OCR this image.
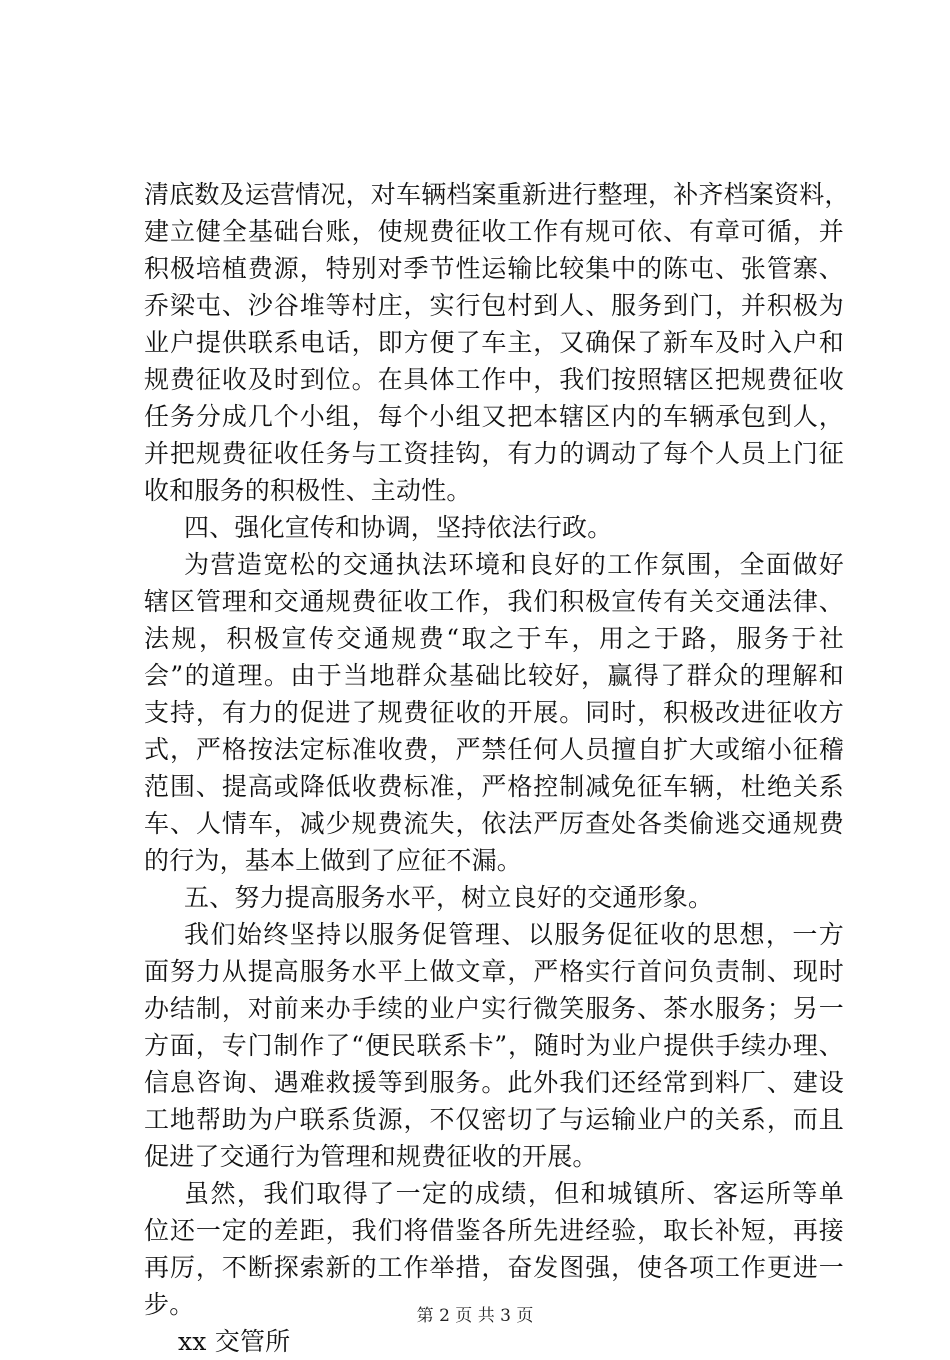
清底数及运营情况，对车辆档案重新进行整理，补齐档案资料，
建立健全基础台账，使规费征收工作有规可依、有章可循，并
积极培植费源，特别对季节性运输比较集中的陈屯、张管寨、
乔梁屯、沙谷堆等村庄，实行包村到人、服务到门，并积极为
业户提供联系电话，即方便了车主，又确保了新车及时入户和
规费征收及时到位。在具体工作中，我们按照辖区把规费征收
任务分成几个小组，每个小组又把本辖区内的车辆承包到人，
并把规费征收任务与工资挂钩，有力的调动了每个人员上门征
收和服务的积极性、主动性。
四、强化宣传和协调，坚持依法行政。
为营造宽松的交通执法环境和良好的工作氛围，全面做好
辖区管理和交通规费征收工作，我们积极宣传有关交通法律、
法规，积极宣传交通规费“取之于车，用之于路，服务于社
会”的道理。由于当地群众基础比较好，赢得了群众的理解和
支持，有力的促进了规费征收的开展。同时，积极改进征收方
式，严格按法定标准收费，严禁任何人员擅自扩大或缩小征稽
范围、提高或降低收费标准，严格控制减免征车辆，杜绝关系
车、人情车，减少规费流失，依法严厉查处各类偷逃交通规费
的行为，基本上做到了应征不漏。
五、努力提高服务水平，树立良好的交通形象。
我们始终坚持以服务促管理、以服务促征收的思想，一方
面努力从提高服务水平上做文章，严格实行首问负责制、现时
办结制，对前来办手续的业户实行微笑服务、茶水服务；另一
方面，专门制作了“便民联系卡”，随时为业户提供手续办理、
信息咨询、遇难救援等到服务。此外我们还经常到料厂、建设
工地帮助为户联系货源，不仅密切了与运输业户的关系，而且
促进了交通行为管理和规费征收的开展。
虽然，我们取得了一定的成绩，但和城镇所、客运所等单
位还一定的差距，我们将借鉴各所先进经验，取长补短，再接
再厉，不断探索新的工作举措，奋发图强，使各项工作更进一
步。
xx 交管所
第 2 页 共 3 页
